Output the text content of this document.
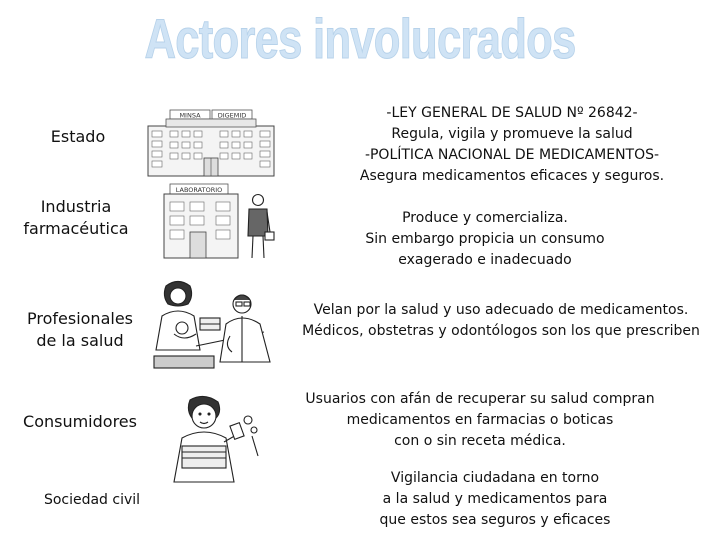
Actores involucrados
Estado
MINSA	DIGEMID	-LEY GENERAL DE SALUD Nº 26842-
Regula, vigila y promueve la salud
-POLÍTICA NACIONAL DE MEDICAMENTOS-
Asegura medicamentos eficaces y seguros.
Industria
farmacéutica
LABORATORIO
Produce y comercializa.
Sin embargo propicia un consumo
exagerado e inadecuado
Profesionales
de la salud
Velan por la salud y uso adecuado de medicamentos.
Médicos, obstetras y odontólogos son los que prescriben
Consumidores
Usuarios con afán de recuperar su salud compran
medicamentos en farmacias o boticas
con o sin receta médica.
Sociedad civil
Vigilancia ciudadana en torno
a la salud y medicamentos para
que estos sea seguros y eficaces
